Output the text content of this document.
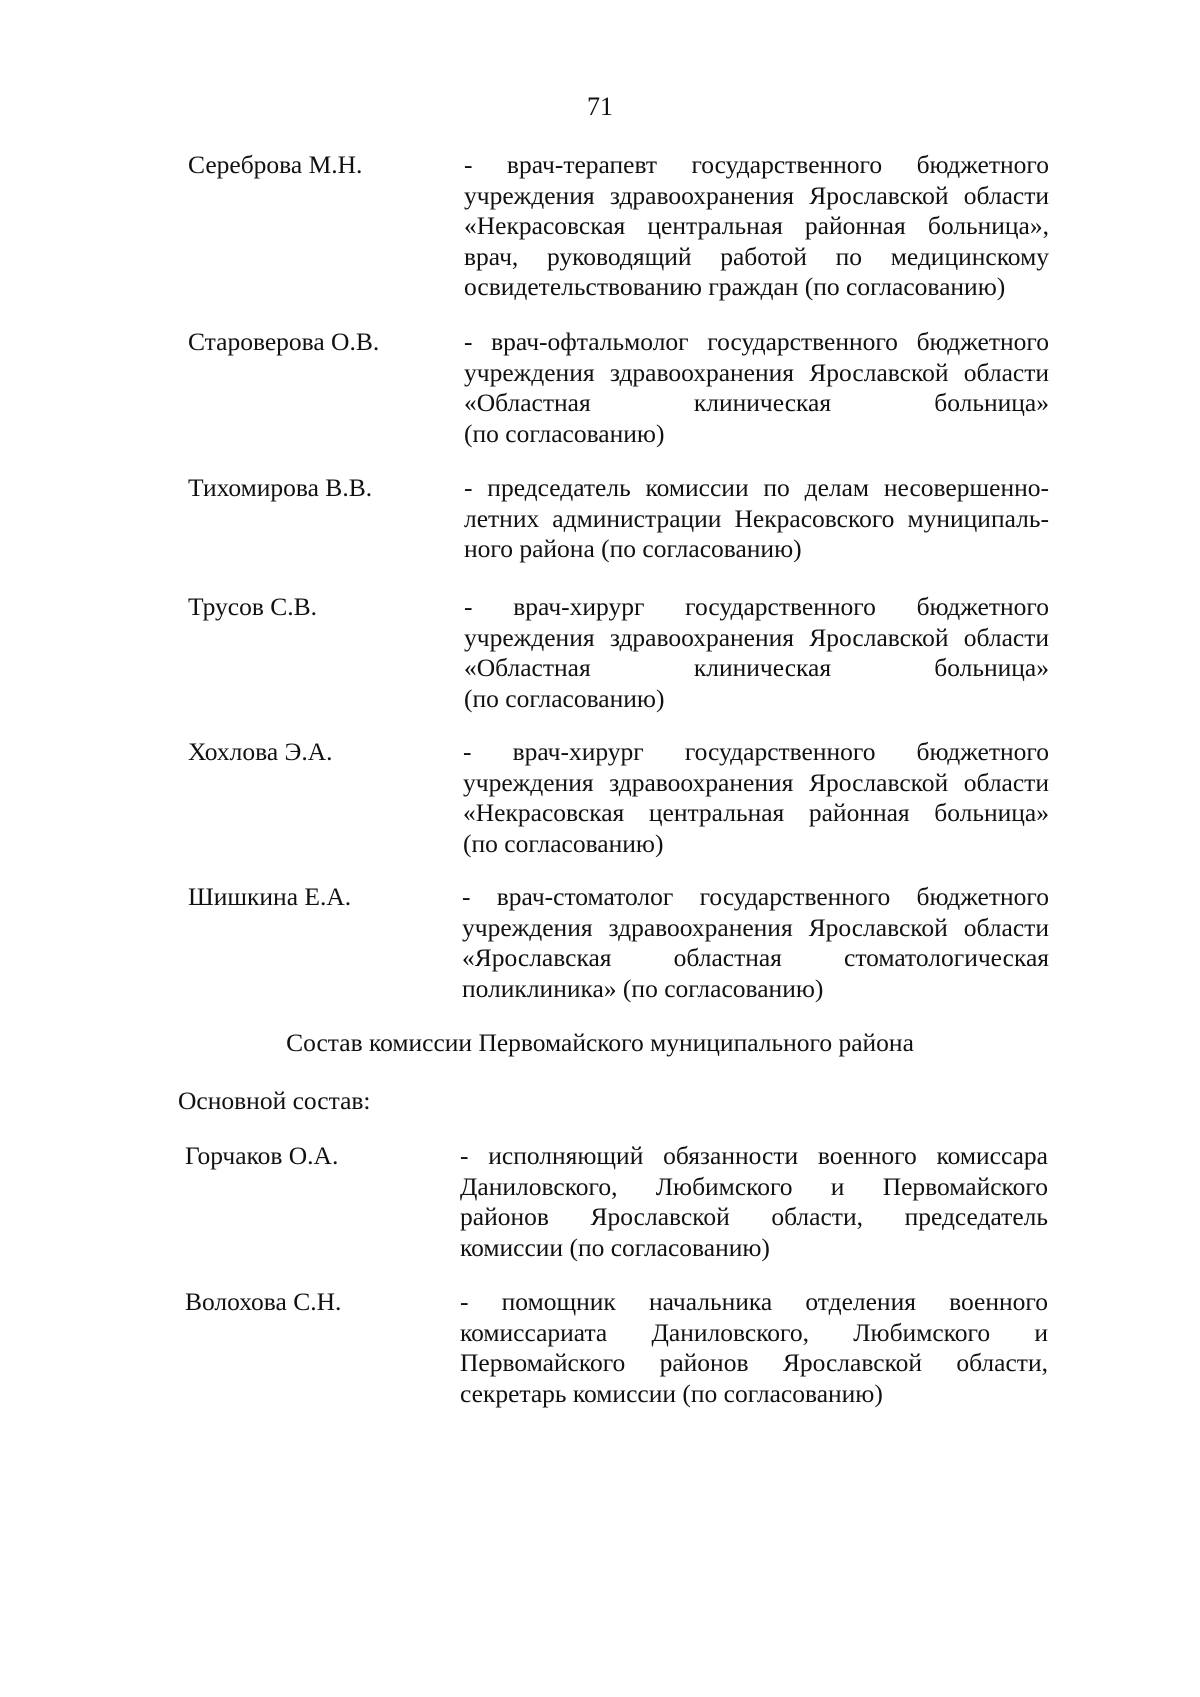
71
Сереброва М.Н.	- врач-терапевт государственного бюджетного
учреждения здравоохранения Ярославской области
«Некрасовская центральная районная больница»,
врач, руководящий работой по медицинскому
освидетельствованию граждан (по согласованию)
Староверова О.В.	- врач-офтальмолог государственного бюджетного
учреждения здравоохранения Ярославской области
«Областная	клиническая	больница»
(по согласованию)
Тихомирова В.В.	- председатель комиссии по делам несовершенно-
летних администрации Некрасовского муниципаль-
ного района (по согласованию)
Трусов С.В.	- врач-хирург государственного бюджетного
учреждения здравоохранения Ярославской области
«Областная	клиническая	больница»
(по согласованию)
Хохлова Э.А.	- врач-хирург государственного бюджетного
учреждения здравоохранения Ярославской области
«Некрасовская центральная районная больница»
(по согласованию)
Шишкина Е.А.	- врач-стоматолог государственного бюджетного
учреждения здравоохранения Ярославской области
«Ярославская областная стоматологическая
поликлиника» (по согласованию)
Состав комиссии Первомайского муниципального района
Основной состав:
Горчаков О.А.	- исполняющий обязанности военного комиссара
Даниловского, Любимского и Первомайского
районов Ярославской области, председатель
комиссии (по согласованию)
Волохова С.Н.	- помощник начальника отделения военного
комиссариата Даниловского, Любимского и
Первомайского районов Ярославской области,
секретарь комиссии (по согласованию)
